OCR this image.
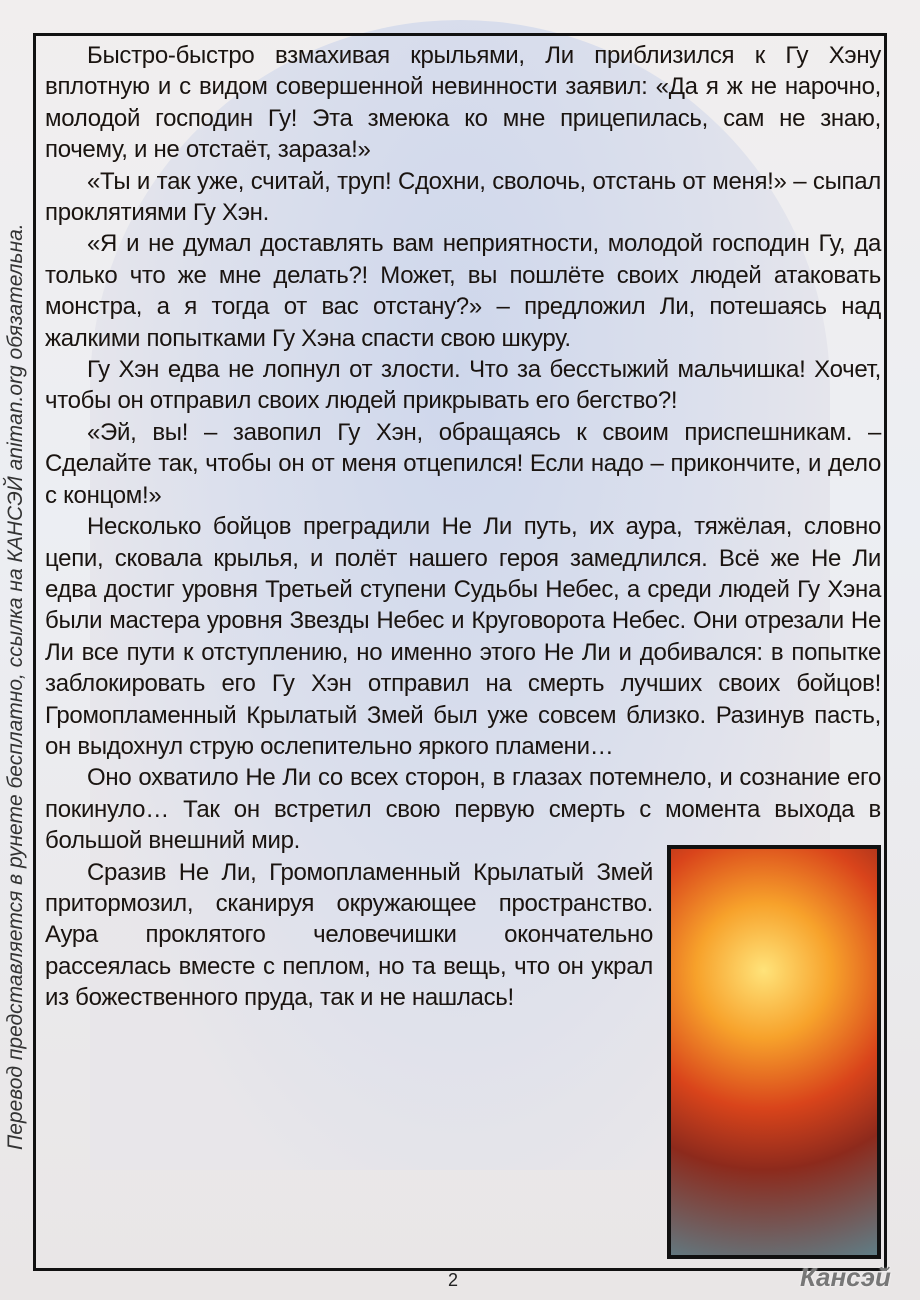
Перевод представляется в рунете бесплатно, ссылка на КАНСЭЙ animan.org обязательна.

Быстро-быстро взмахивая крыльями, Ли приблизился к Гу Хэну вплотную и с видом совершенной невинности заявил: «Да я ж не нарочно, молодой господин Гу! Эта змеюка ко мне прицепилась, сам не знаю, почему, и не отстаёт, зараза!»

«Ты и так уже, считай, труп! Сдохни, сволочь, отстань от меня!» – сыпал проклятиями Гу Хэн.

«Я и не думал доставлять вам неприятности, молодой господин Гу, да только что же мне делать?! Может, вы пошлёте своих людей атаковать монстра, а я тогда от вас отстану?» – предложил Ли, потешаясь над жалкими попытками Гу Хэна спасти свою шкуру.

Гу Хэн едва не лопнул от злости. Что за бесстыжий мальчишка! Хочет, чтобы он отправил своих людей прикрывать его бегство?!

«Эй, вы! – завопил Гу Хэн, обращаясь к своим приспешникам. – Сделайте так, чтобы он от меня отцепился! Если надо – прикончите, и дело с концом!»

Несколько бойцов преградили Не Ли путь, их аура, тяжёлая, словно цепи, сковала крылья, и полёт нашего героя замедлился. Всё же Не Ли едва достиг уровня Третьей ступени Судьбы Небес, а среди людей Гу Хэна были мастера уровня Звезды Небес и Круговорота Небес. Они отрезали Не Ли все пути к отступлению, но именно этого Не Ли и добивался: в попытке заблокировать его Гу Хэн отправил на смерть лучших своих бойцов! Громопламенный Крылатый Змей был уже совсем близко. Разинув пасть, он выдохнул струю ослепительно яркого пламени…

Оно охватило Не Ли со всех сторон, в глазах потемнело, и сознание его покинуло… Так он встретил свою первую смерть с момента выхода в большой внешний мир.

Сразив Не Ли, Громопламенный Крылатый Змей притормозил, сканируя окружающее пространство. Аура проклятого человечишки окончательно рассеялась вместе с пеплом, но та вещь, что он украл из божественного пруда, так и не нашлась!

2	Кансэй
